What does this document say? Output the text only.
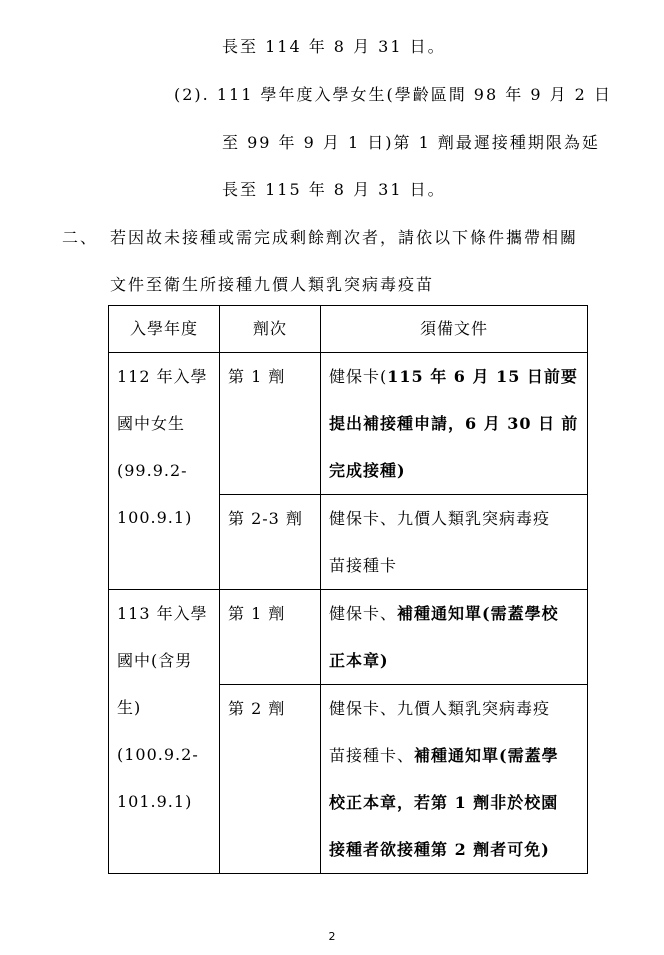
長至 114 年 8 月 31 日。
(2). 111 學年度入學女生(學齡區間 98 年 9 月 2 日
至 99 年 9 月 1 日)第 1 劑最遲接種期限為延
長至 115 年 8 月 31 日。
二、 若因故未接種或需完成剩餘劑次者，請依以下條件攜帶相關
文件至衛生所接種九價人類乳突病毒疫苗
入學年度	劑次	須備文件

112 年入學
國中女生
(99.9.2-
100.9.1)	第 1 劑	健保卡(115 年 6 月 15 日前要
提出補接種申請，6 月 30 日 前完成接種)
	第 2-3 劑	健保卡、九價人類乳突病毒疫
苗接種卡

113 年入學
國中(含男
生)
(100.9.2-
101.9.1)	第 1 劑	健保卡、補種通知單(需蓋學校
正本章)
	第 2 劑	健保卡、九價人類乳突病毒疫
苗接種卡、補種通知單(需蓋學
校正本章，若第 1 劑非於校園 接種者欲接種第 2 劑者可免)
2
